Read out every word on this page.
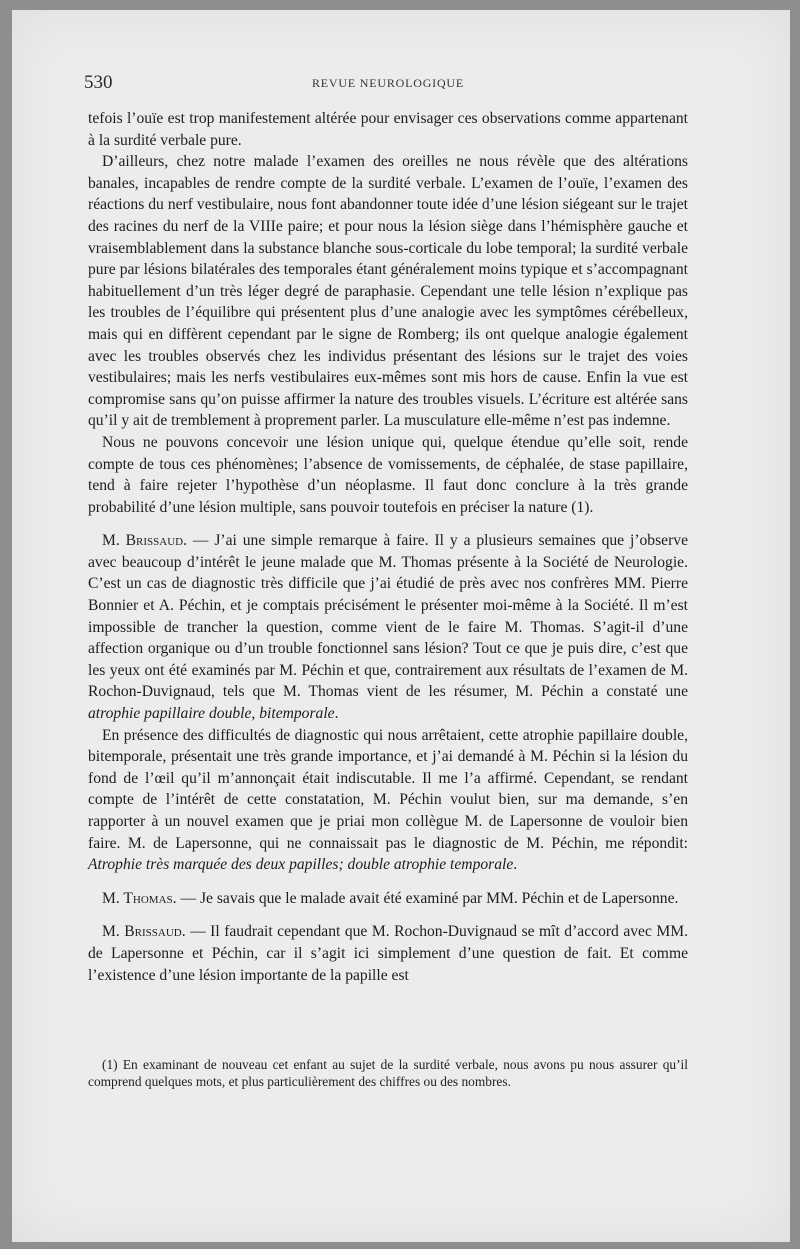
530	REVUE NEUROLOGIQUE

tefois l’ouïe est trop manifestement altérée pour envisager ces observations comme appartenant à la surdité verbale pure.

D’ailleurs, chez notre malade l’examen des oreilles ne nous révèle que des altérations banales, incapables de rendre compte de la surdité verbale. L’examen de l’ouïe, l’examen des réactions du nerf vestibulaire, nous font abandonner toute idée d’une lésion siégeant sur le trajet des racines du nerf de la VIIIe paire; et pour nous la lésion siège dans l’hémisphère gauche et vraisemblablement dans la substance blanche sous-corticale du lobe temporal; la surdité verbale pure par lésions bilatérales des temporales étant généralement moins typique et s’accompagnant habituellement d’un très léger degré de paraphasie. Cependant une telle lésion n’explique pas les troubles de l’équilibre qui présentent plus d’une analogie avec les symptômes cérébelleux, mais qui en diffèrent cependant par le signe de Romberg; ils ont quelque analogie également avec les troubles observés chez les individus présentant des lésions sur le trajet des voies vestibulaires; mais les nerfs vestibulaires eux-mêmes sont mis hors de cause. Enfin la vue est compromise sans qu’on puisse affirmer la nature des troubles visuels. L’écriture est altérée sans qu’il y ait de tremblement à proprement parler. La musculature elle-même n’est pas indemne.

Nous ne pouvons concevoir une lésion unique qui, quelque étendue qu’elle soit, rende compte de tous ces phénomènes; l’absence de vomissements, de céphalée, de stase papillaire, tend à faire rejeter l’hypothèse d’un néoplasme. Il faut donc conclure à la très grande probabilité d’une lésion multiple, sans pouvoir toutefois en préciser la nature (1).

M. Brissaud. — J’ai une simple remarque à faire. Il y a plusieurs semaines que j’observe avec beaucoup d’intérêt le jeune malade que M. Thomas présente à la Société de Neurologie. C’est un cas de diagnostic très difficile que j’ai étudié de près avec nos confrères MM. Pierre Bonnier et A. Péchin, et je comptais précisément le présenter moi-même à la Société. Il m’est impossible de trancher la question, comme vient de le faire M. Thomas. S’agit-il d’une affection organique ou d’un trouble fonctionnel sans lésion? Tout ce que je puis dire, c’est que les yeux ont été examinés par M. Péchin et que, contrairement aux résultats de l’examen de M. Rochon-Duvignaud, tels que M. Thomas vient de les résumer, M. Péchin a constaté une atrophie papillaire double, bitemporale.

En présence des difficultés de diagnostic qui nous arrêtaient, cette atrophie papillaire double, bitemporale, présentait une très grande importance, et j’ai demandé à M. Péchin si la lésion du fond de l’œil qu’il m’annonçait était indiscutable. Il me l’a affirmé. Cependant, se rendant compte de l’intérêt de cette constatation, M. Péchin voulut bien, sur ma demande, s’en rapporter à un nouvel examen que je priai mon collègue M. de Lapersonne de vouloir bien faire. M. de Lapersonne, qui ne connaissait pas le diagnostic de M. Péchin, me répondit: Atrophie très marquée des deux papilles; double atrophie temporale.

M. Thomas. — Je savais que le malade avait été examiné par MM. Péchin et de Lapersonne.

M. Brissaud. — Il faudrait cependant que M. Rochon-Duvignaud se mît d’accord avec MM. de Lapersonne et Péchin, car il s’agit ici simplement d’une question de fait. Et comme l’existence d’une lésion importante de la papille est

(1) En examinant de nouveau cet enfant au sujet de la surdité verbale, nous avons pu nous assurer qu’il comprend quelques mots, et plus particulièrement des chiffres ou des nombres.
